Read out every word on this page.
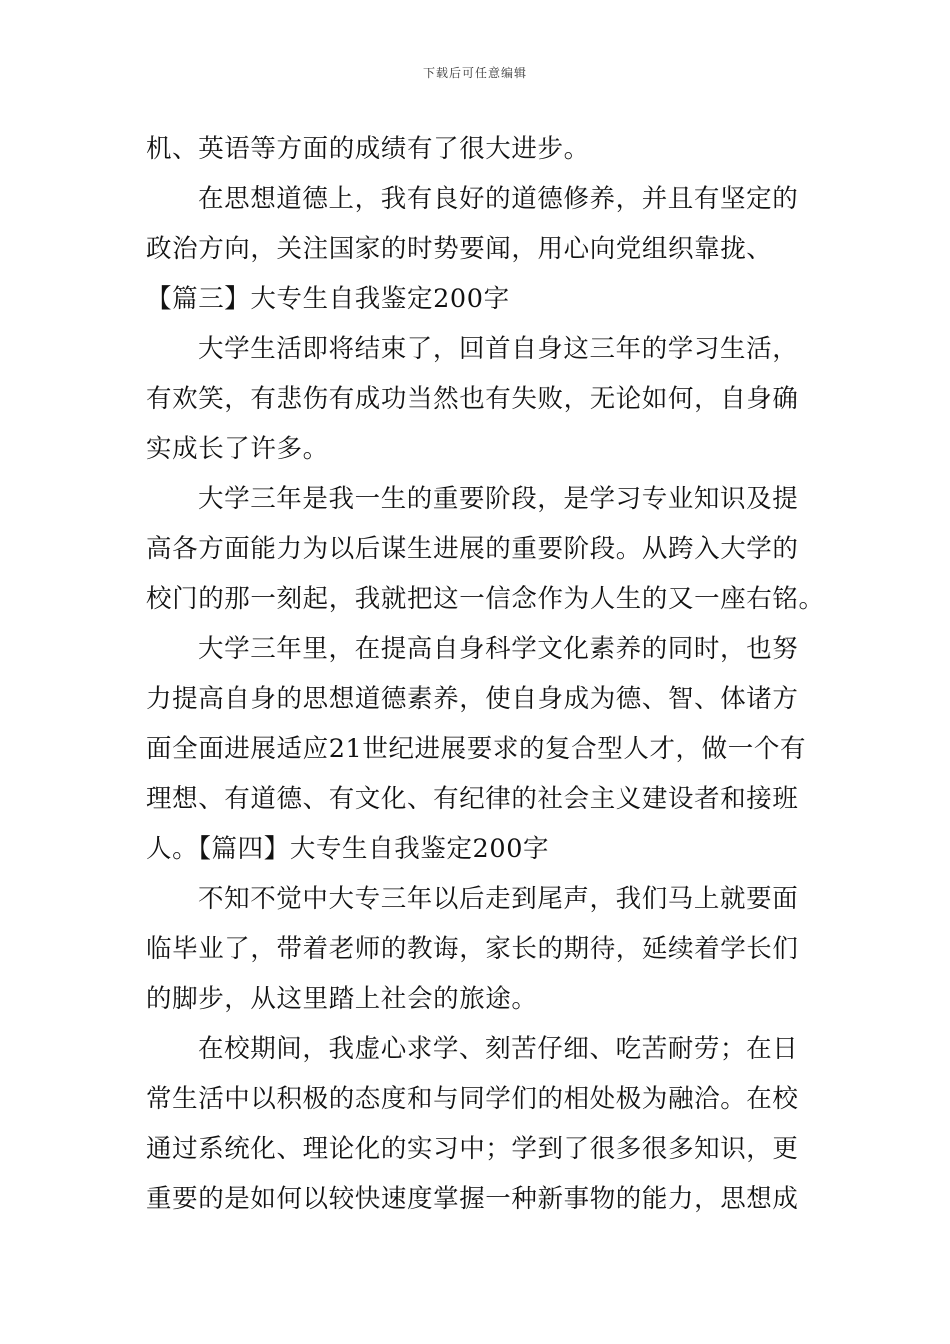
下载后可任意编辑
机、英语等方面的成绩有了很大进步。
在思想道德上，我有良好的道德修养，并且有坚定的
政治方向，关注国家的时势要闻，用心向党组织靠拢、
【篇三】大专生自我鉴定200字
大学生活即将结束了，回首自身这三年的学习生活，
有欢笑，有悲伤有成功当然也有失败，无论如何，自身确
实成长了许多。
大学三年是我一生的重要阶段，是学习专业知识及提
高各方面能力为以后谋生进展的重要阶段。从跨入大学的
校门的那一刻起，我就把这一信念作为人生的又一座右铭。
大学三年里，在提高自身科学文化素养的同时，也努
力提高自身的思想道德素养，使自身成为德、智、体诸方
面全面进展适应21世纪进展要求的复合型人才，做一个有
理想、有道德、有文化、有纪律的社会主义建设者和接班
人。【篇四】大专生自我鉴定200字
不知不觉中大专三年以后走到尾声，我们马上就要面
临毕业了，带着老师的教诲，家长的期待，延续着学长们
的脚步，从这里踏上社会的旅途。
在校期间，我虚心求学、刻苦仔细、吃苦耐劳；在日
常生活中以积极的态度和与同学们的相处极为融洽。在校
通过系统化、理论化的实习中；学到了很多很多知识，更
重要的是如何以较快速度掌握一种新事物的能力，思想成
